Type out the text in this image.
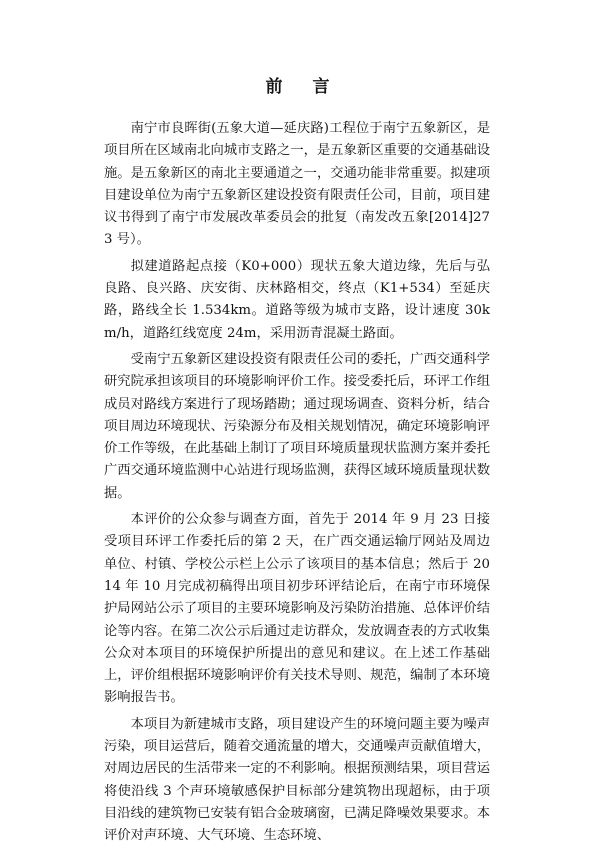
前 言

南宁市良晖街(五象大道—延庆路)工程位于南宁五象新区，是项目所在区域南北向城市支路之一，是五象新区重要的交通基础设施。是五象新区的南北主要通道之一，交通功能非常重要。拟建项目建设单位为南宁五象新区建设投资有限责任公司，目前，项目建议书得到了南宁市发展改革委员会的批复（南发改五象[2014]273 号）。

拟建道路起点接（K0+000）现状五象大道边缘，先后与弘良路、良兴路、庆安街、庆林路相交，终点（K1+534）至延庆路，路线全长 1.534km。道路等级为城市支路，设计速度 30km/h，道路红线宽度 24m，采用沥青混凝土路面。

受南宁五象新区建设投资有限责任公司的委托，广西交通科学研究院承担该项目的环境影响评价工作。接受委托后，环评工作组成员对路线方案进行了现场踏勘；通过现场调查、资料分析，结合项目周边环境现状、污染源分布及相关规划情况，确定环境影响评价工作等级，在此基础上制订了项目环境质量现状监测方案并委托广西交通环境监测中心站进行现场监测，获得区域环境质量现状数据。

本评价的公众参与调查方面，首先于 2014 年 9 月 23 日接受项目环评工作委托后的第 2 天，在广西交通运输厅网站及周边单位、村镇、学校公示栏上公示了该项目的基本信息；然后于 2014 年 10 月完成初稿得出项目初步环评结论后，在南宁市环境保护局网站公示了项目的主要环境影响及污染防治措施、总体评价结论等内容。在第二次公示后通过走访群众，发放调查表的方式收集公众对本项目的环境保护所提出的意见和建议。在上述工作基础上，评价组根据环境影响评价有关技术导则、规范，编制了本环境影响报告书。

本项目为新建城市支路，项目建设产生的环境问题主要为噪声污染，项目运营后，随着交通流量的增大，交通噪声贡献值增大，对周边居民的生活带来一定的不利影响。根据预测结果，项目营运将使沿线 3 个声环境敏感保护目标部分建筑物出现超标，由于项目沿线的建筑物已安装有铝合金玻璃窗，已满足降噪效果要求。本评价对声环境、大气环境、生态环境、
